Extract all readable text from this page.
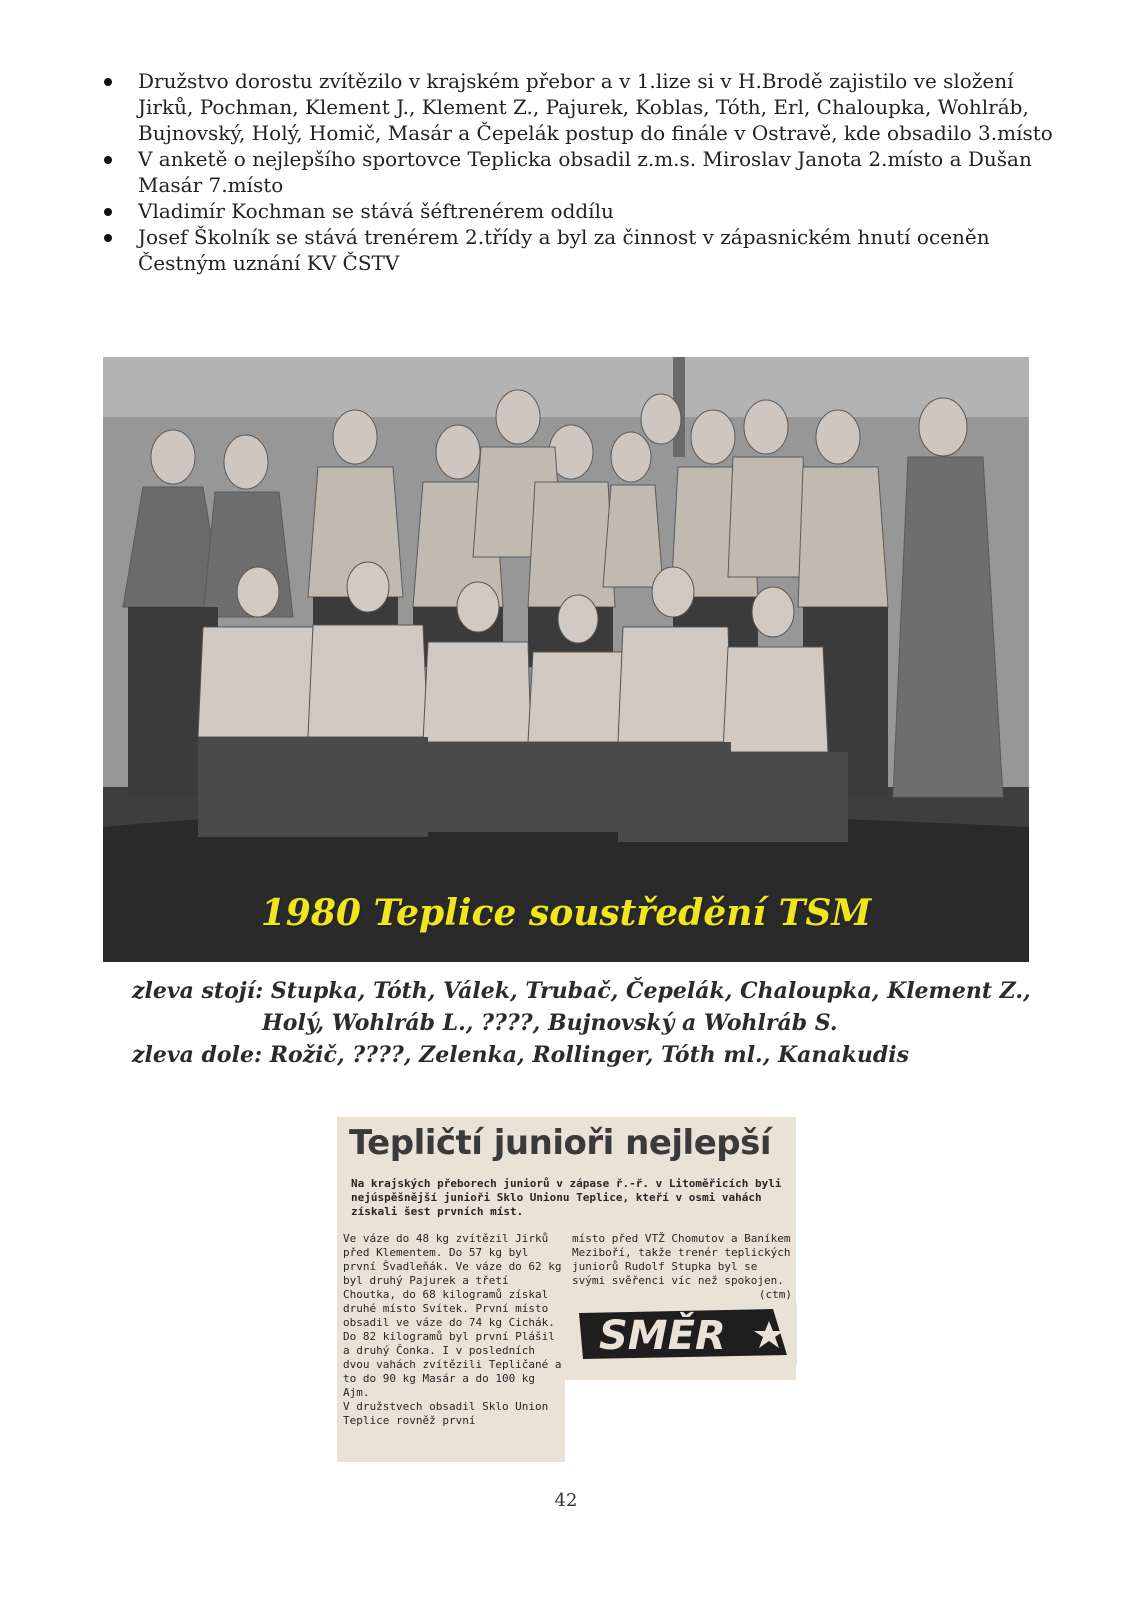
Družstvo dorostu zvítězilo v krajském přebor a v 1.lize si v H.Brodě zajistilo ve složení Jirků, Pochman, Klement J., Klement Z., Pajurek, Koblas, Tóth, Erl, Chaloupka, Wohlráb, Bujnovský, Holý, Homič, Masár a Čepelák postup do finále v Ostravě, kde obsadilo 3.místo
V anketě o nejlepšího sportovce Teplicka obsadil z.m.s. Miroslav Janota 2.místo a Dušan Masár 7.místo
Vladimír Kochman se stává šéftrenérem oddílu
Josef Školník se stává trenérem 2.třídy a byl za činnost v zápasnickém hnutí oceněn Čestným uznání KV ČSTV
1980 Teplice soustředění TSM
zleva stojí: Stupka, Tóth, Válek, Trubač, Čepelák, Chaloupka, Klement Z.,
Holý, Wohlráb L., ????, Bujnovský a Wohlráb S.
zleva dole: Rožič, ????, Zelenka, Rollinger, Tóth ml., Kanakudis
Tepličtí junioři nejlepší
Na krajských přeborech juniorů v zápase ř.-ř. v Litoměřicích byli nejúspěšnější junioři Sklo Unionu Teplice, kteří v osmi vahách získali šest prvních míst.
Ve váze do 48 kg zvítězil Jirků před Klementem. Do 57 kg byl první Švadleňák. Ve váze do 62 kg byl druhý Pajurek a třetí Choutka, do 68 kilogramů získal druhé místo Svítek. První místo obsadil ve váze do 74 kg Cichák. Do 82 kilogramů byl první Plášil a druhý Čonka. I v posledních dvou vahách zvítězili Tepličané a to do 90 kg Masár a do 100 kg Ajm.
V družstvech obsadil Sklo Union Teplice rovněž první
místo před VTŽ Chomutov a Baníkem Meziboří, takže trenér teplických juniorů Rudolf Stupka byl se svými svěřenci víc než spokojen.
(ctm)
SMĚR
42
